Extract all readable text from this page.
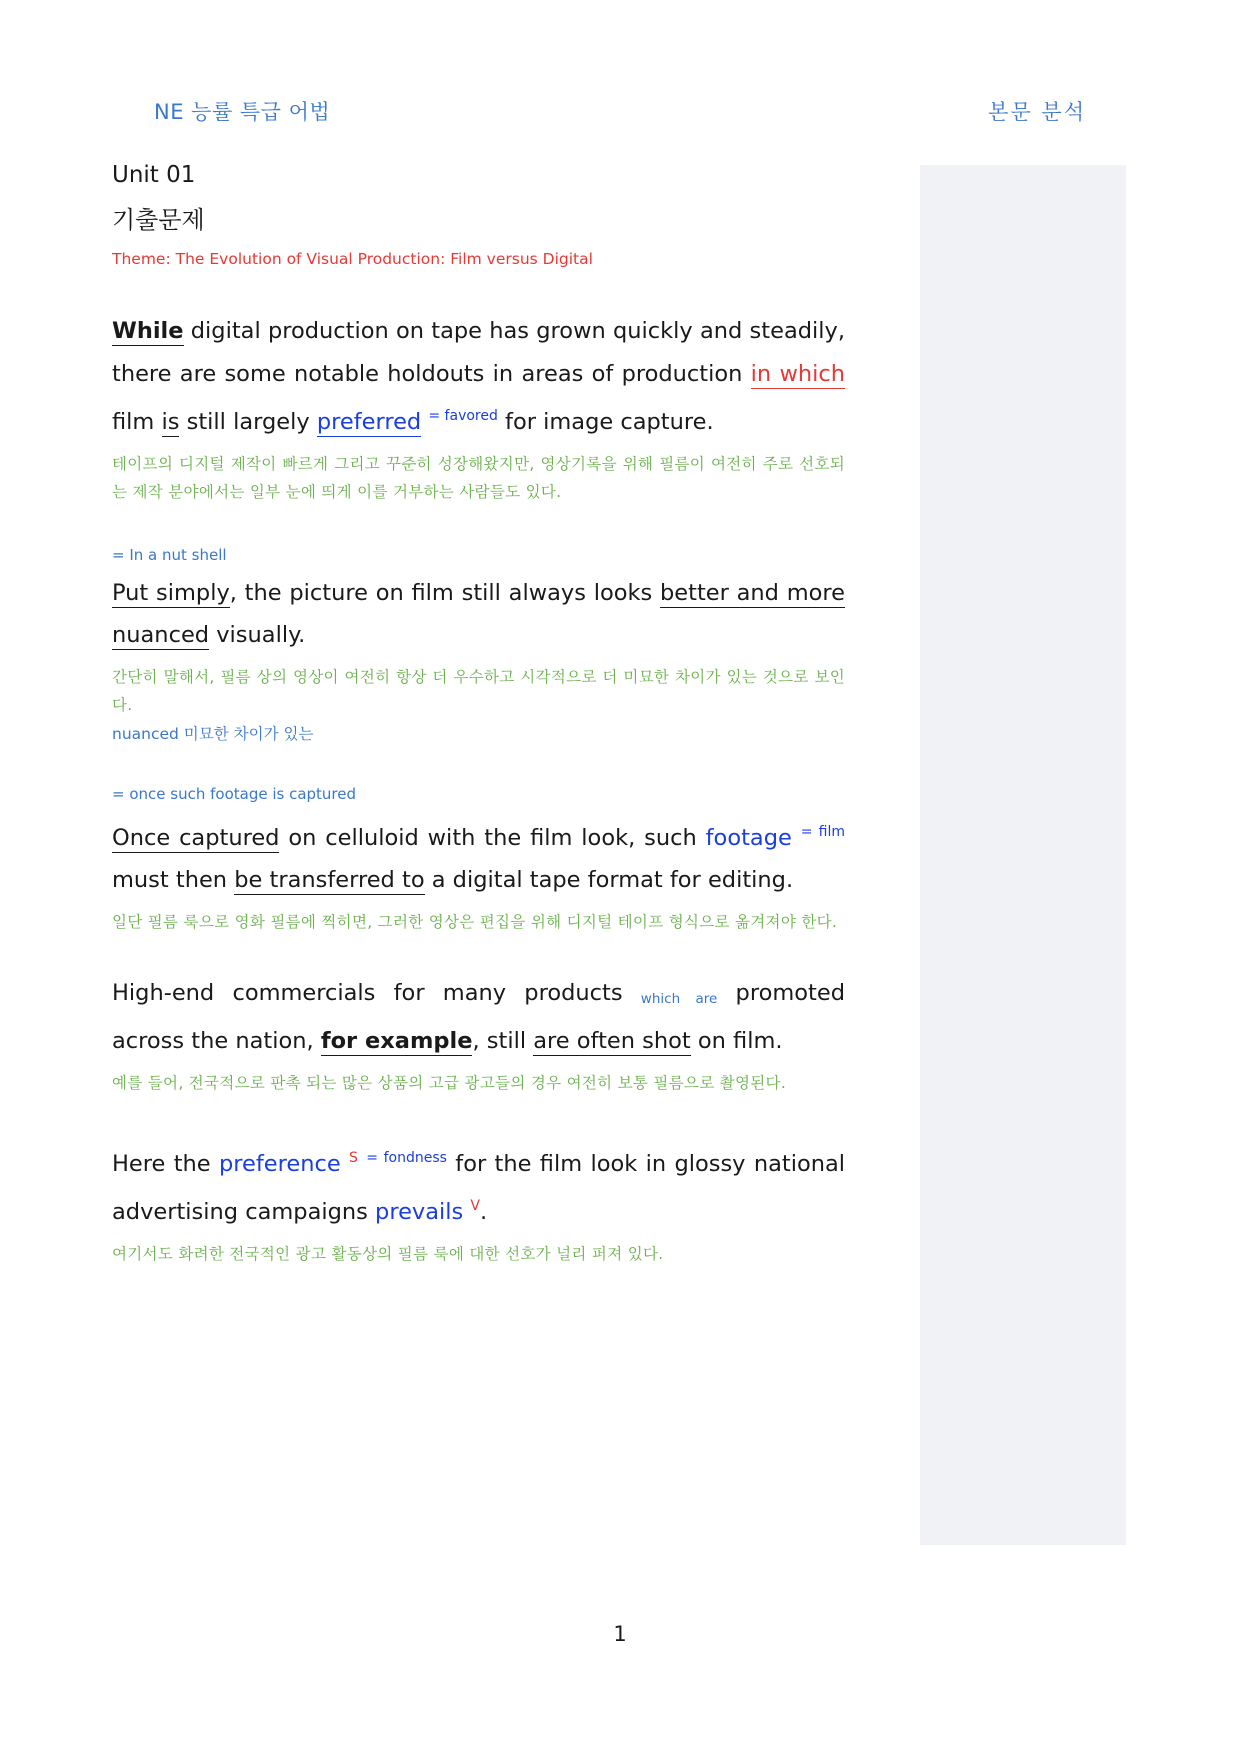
NE 능률 특급 어법	본문 분석

Unit 01

기출문제

Theme: The Evolution of Visual Production: Film versus Digital

While digital production on tape has grown quickly and steadily, there are some notable holdouts in areas of production in which film is still largely preferred $^{= favored}$ for image capture.

테이프의 디지털 제작이 빠르게 그리고 꾸준히 성장해왔지만, 영상기록을 위해 필름이 여전히 주로 선호되는 제작 분야에서는 일부 눈에 띄게 이를 거부하는 사람들도 있다.

= In a nut shell

Put simply, the picture on film still always looks better and more nuanced visually.

간단히 말해서, 필름 상의 영상이 여전히 항상 더 우수하고 시각적으로 더 미묘한 차이가 있는 것으로 보인다.

nuanced 미묘한 차이가 있는

= once such footage is captured

Once captured on celluloid with the film look, such footage $^{= film}$ must then be transferred to a digital tape format for editing.

일단 필름 룩으로 영화 필름에 찍히면, 그러한 영상은 편집을 위해 디지털 테이프 형식으로 옮겨져야 한다.

High-end commercials for many products which are promoted across the nation, for example, still are often shot on film.

예를 들어, 전국적으로 판촉 되는 많은 상품의 고급 광고들의 경우 여전히 보통 필름으로 촬영된다.

Here the preference $^S$ $^{= fondness}$ for the film look in glossy national advertising campaigns prevails $^V$.

여기서도 화려한 전국적인 광고 활동상의 필름 룩에 대한 선호가 널리 퍼져 있다.

1
